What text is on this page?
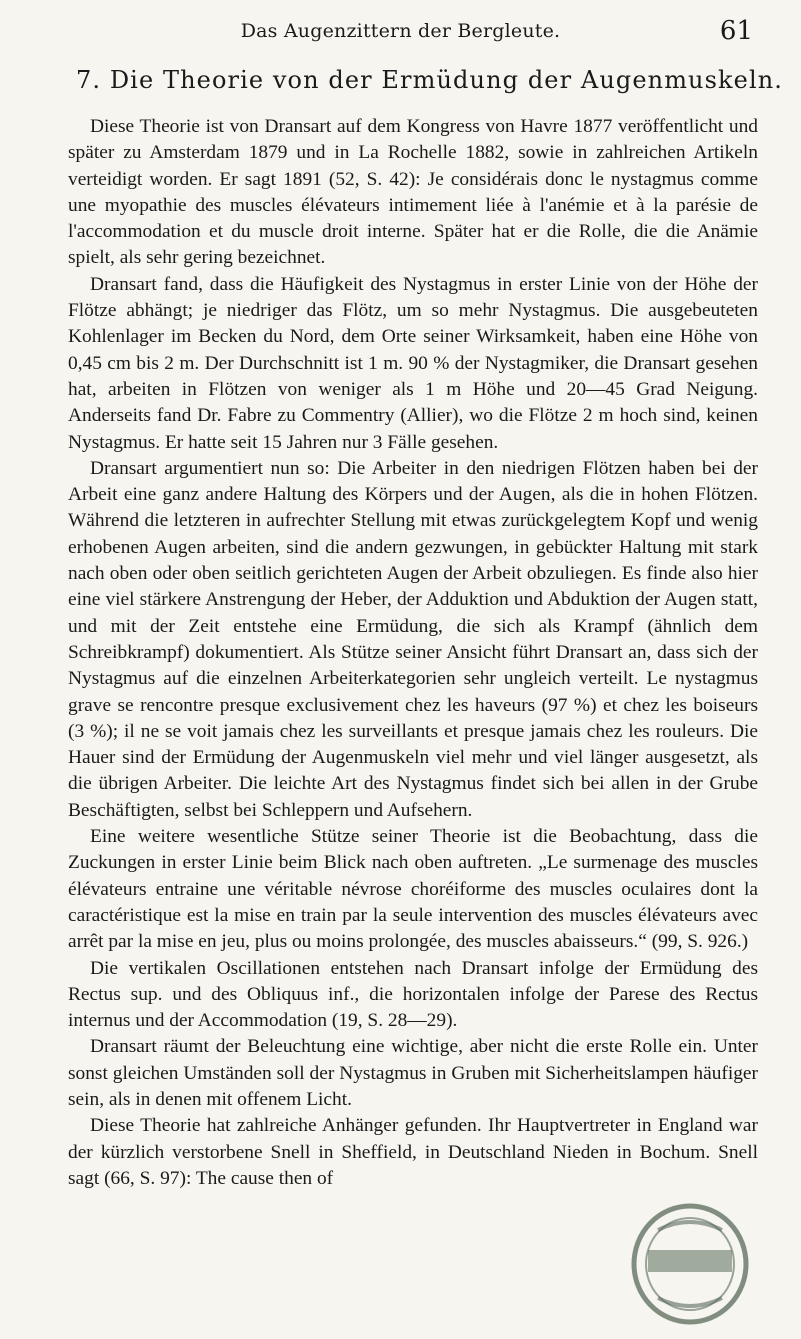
Das Augenzittern der Bergleute.	61
7. Die Theorie von der Ermüdung der Augenmuskeln.

Diese Theorie ist von Dransart auf dem Kongress von Havre 1877 veröffentlicht und später zu Amsterdam 1879 und in La Rochelle 1882, sowie in zahlreichen Artikeln verteidigt worden. Er sagt 1891 (52, S. 42): Je considérais donc le nystagmus comme une myopathie des muscles élévateurs intimement liée à l'anémie et à la parésie de l'accommodation et du muscle droit interne. Später hat er die Rolle, die die Anämie spielt, als sehr gering bezeichnet.

Dransart fand, dass die Häufigkeit des Nystagmus in erster Linie von der Höhe der Flötze abhängt; je niedriger das Flötz, um so mehr Nystagmus. Die ausgebeuteten Kohlenlager im Becken du Nord, dem Orte seiner Wirksamkeit, haben eine Höhe von 0,45 cm bis 2 m. Der Durchschnitt ist 1 m. 90 % der Nystagmiker, die Dransart gesehen hat, arbeiten in Flötzen von weniger als 1 m Höhe und 20—45 Grad Neigung. Anderseits fand Dr. Fabre zu Commentry (Allier), wo die Flötze 2 m hoch sind, keinen Nystagmus. Er hatte seit 15 Jahren nur 3 Fälle gesehen.

Dransart argumentiert nun so: Die Arbeiter in den niedrigen Flötzen haben bei der Arbeit eine ganz andere Haltung des Körpers und der Augen, als die in hohen Flötzen. Während die letzteren in aufrechter Stellung mit etwas zurückgelegtem Kopf und wenig erhobenen Augen arbeiten, sind die andern gezwungen, in gebückter Haltung mit stark nach oben oder oben seitlich gerichteten Augen der Arbeit obzuliegen. Es finde also hier eine viel stärkere Anstrengung der Heber, der Adduktion und Abduktion der Augen statt, und mit der Zeit entstehe eine Ermüdung, die sich als Krampf (ähnlich dem Schreibkrampf) dokumentiert. Als Stütze seiner Ansicht führt Dransart an, dass sich der Nystagmus auf die einzelnen Arbeiterkategorien sehr ungleich verteilt. Le nystagmus grave se rencontre presque exclusivement chez les haveurs (97 %) et chez les boiseurs (3 %); il ne se voit jamais chez les surveillants et presque jamais chez les rouleurs. Die Hauer sind der Ermüdung der Augenmuskeln viel mehr und viel länger ausgesetzt, als die übrigen Arbeiter. Die leichte Art des Nystagmus findet sich bei allen in der Grube Beschäftigten, selbst bei Schleppern und Aufsehern.

Eine weitere wesentliche Stütze seiner Theorie ist die Beobachtung, dass die Zuckungen in erster Linie beim Blick nach oben auftreten. „Le surmenage des muscles élévateurs entraine une véritable névrose choréiforme des muscles oculaires dont la caractéristique est la mise en train par la seule intervention des muscles élévateurs avec arrêt par la mise en jeu, plus ou moins prolongée, des muscles abaisseurs.“ (99, S. 926.)

Die vertikalen Oscillationen entstehen nach Dransart infolge der Ermüdung des Rectus sup. und des Obliquus inf., die horizontalen infolge der Parese des Rectus internus und der Accommodation (19, S. 28—29).

Dransart räumt der Beleuchtung eine wichtige, aber nicht die erste Rolle ein. Unter sonst gleichen Umständen soll der Nystagmus in Gruben mit Sicherheitslampen häufiger sein, als in denen mit offenem Licht.

Diese Theorie hat zahlreiche Anhänger gefunden. Ihr Hauptvertreter in England war der kürzlich verstorbene Snell in Sheffield, in Deutschland Nieden in Bochum. Snell sagt (66, S. 97): The cause then of
